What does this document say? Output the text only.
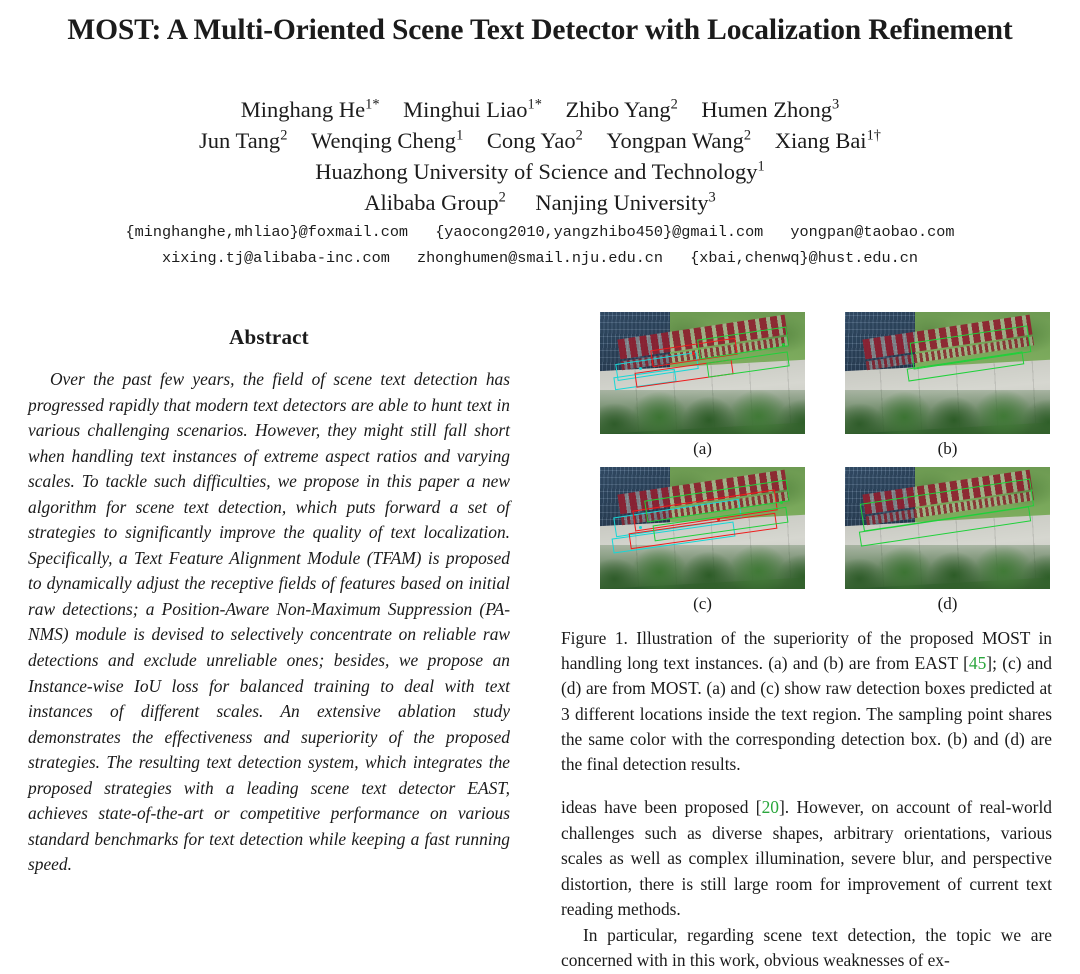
MOST: A Multi-Oriented Scene Text Detector with Localization Refinement
Minghang $He^{1*}$ Minghui Liao$^{1*}$ Zhibo Yang$^2$ Humen Zhong$^3$
Jun Tang$^2$ Wenqing Cheng$^1$ Cong Yao$^2$ Yongpan Wang$^2$ Xiang Bai$^{1\dagger}$
Huazhong University of Science and Technology$^1$
Alibaba Group$^2$ Nanjing University$^3$
{minghanghe,mhliao}@foxmail.com {yaocong2010,yangzhibo450}@gmail.com yongpan@taobao.com
xixing.tj@alibaba-inc.com zhonghumen@smail.nju.edu.cn {xbai,chenwq}@hust.edu.cn
Abstract

Over the past few years, the field of scene text detection has progressed rapidly that modern text detectors are able to hunt text in various challenging scenarios. However, they might still fall short when handling text instances of extreme aspect ratios and varying scales. To tackle such difficulties, we propose in this paper a new algorithm for scene text detection, which puts forward a set of strategies to significantly improve the quality of text localization. Specifically, a Text Feature Alignment Module (TFAM) is proposed to dynamically adjust the receptive fields of features based on initial raw detections; a Position-Aware Non-Maximum Suppression (PA-NMS) module is devised to selectively concentrate on reliable raw detections and exclude unreliable ones; besides, we propose an Instance-wise IoU loss for balanced training to deal with text instances of different scales. An extensive ablation study demonstrates the effectiveness and superiority of the proposed strategies. The resulting text detection system, which integrates the proposed strategies with a leading scene text detector EAST, achieves state-of-the-art or competitive performance on various standard benchmarks for text detection while keeping a fast running speed.

(a)	(b)
(c)	(d)

Figure 1. Illustration of the superiority of the proposed MOST in handling long text instances. (a) and (b) are from EAST [45]; (c) and (d) are from MOST. (a) and (c) show raw detection boxes predicted at 3 different locations inside the text region. The sampling point shares the same color with the corresponding detection box. (b) and (d) are the final detection results.

ideas have been proposed [20]. However, on account of real-world challenges such as diverse shapes, arbitrary orientations, various scales as well as complex illumination, severe blur, and perspective distortion, there is still large room for improvement of current text reading methods.

In particular, regarding scene text detection, the topic we are concerned with in this work, obvious weaknesses of ex-
